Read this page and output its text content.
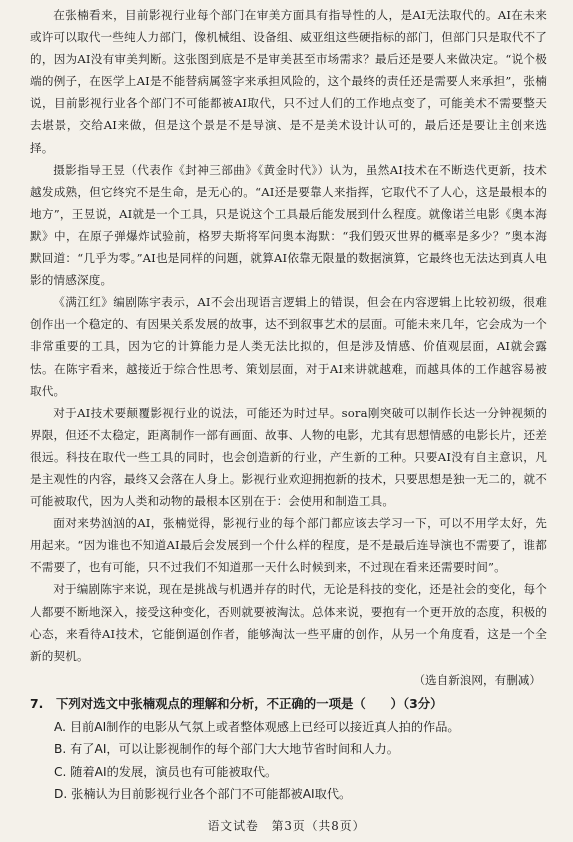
在张楠看来，目前影视行业每个部门在审美方面具有指导性的人，是AI无法取代的。AI在未来或许可以取代一些纯人力部门，像机械组、设备组、威亚组这些硬指标的部门，但部门只是取代不了的，因为AI没有审美判断。这张图到底是不是审美甚至市场需求？最后还是要人来做决定。“说个极端的例子，在医学上AI是不能替病属签字来承担风险的，这个最终的责任还是需要人来承担”，张楠说，目前影视行业各个部门不可能都被AI取代，只不过人们的工作地点变了，可能美术不需要整天去堪景，交给AI来做，但是这个景是不是导演、是不是美术设计认可的，最后还是要让主创来选择。

摄影指导王昱（代表作《封神三部曲》《黄金时代》）认为，虽然AI技术在不断迭代更新，技术越发成熟，但它终究不是生命，是无心的。“AI还是要靠人来指挥，它取代不了人心，这是最根本的地方”，王昱说，AI就是一个工具，只是说这个工具最后能发展到什么程度。就像诺兰电影《奥本海默》中，在原子弹爆炸试验前，格罗夫斯将军问奥本海默：“我们毁灭世界的概率是多少？”奥本海默回道：“几乎为零。”AI也是同样的问题，就算AI依靠无限量的数据演算，它最终也无法达到真人电影的情感深度。

《满江红》编剧陈宇表示，AI不会出现语言逻辑上的错误，但会在内容逻辑上比较初级，很难创作出一个稳定的、有因果关系发展的故事，达不到叙事艺术的层面。可能未来几年，它会成为一个非常重要的工具，因为它的计算能力是人类无法比拟的，但是涉及情感、价值观层面，AI就会露怯。在陈宇看来，越接近于综合性思考、策划层面，对于AI来讲就越难，而越具体的工作越容易被取代。

对于AI技术要颠覆影视行业的说法，可能还为时过早。sora刚突破可以制作长达一分钟视频的界限，但还不太稳定，距离制作一部有画面、故事、人物的电影，尤其有思想情感的电影长片，还差很远。科技在取代一些工具的同时，也会创造新的行业，产生新的工种。只要AI没有自主意识，凡是主观性的内容，最终又会落在人身上。影视行业欢迎拥抱新的技术，只要思想是独一无二的，就不可能被取代，因为人类和动物的最根本区别在于：会使用和制造工具。

面对来势汹汹的AI，张楠觉得，影视行业的每个部门都应该去学习一下，可以不用学太好，先用起来。“因为谁也不知道AI最后会发展到一个什么样的程度，是不是最后连导演也不需要了，谁都不需要了，也有可能，只不过我们不知道那一天什么时候到来，不过现在看来还需要时间”。

对于编剧陈宇来说，现在是挑战与机遇并存的时代，无论是科技的变化，还是社会的变化，每个人都要不断地深入，接受这种变化，否则就要被淘汰。总体来说，要抱有一个更开放的态度，积极的心态，来看待AI技术，它能倒逼创作者，能够淘汰一些平庸的创作，从另一个角度看，这是一个全新的契机。

（选自新浪网，有删减）
7. 下列对选文中张楠观点的理解和分析，不正确的一项是（　　）（3分）
A. 目前AI制作的电影从气氛上或者整体观感上已经可以接近真人拍的作品。
B. 有了AI，可以让影视制作的每个部门大大地节省时间和人力。
C. 随着AI的发展，演员也有可能被取代。
D. 张楠认为目前影视行业各个部门不可能都被AI取代。
语文试卷　第3页（共8页）
